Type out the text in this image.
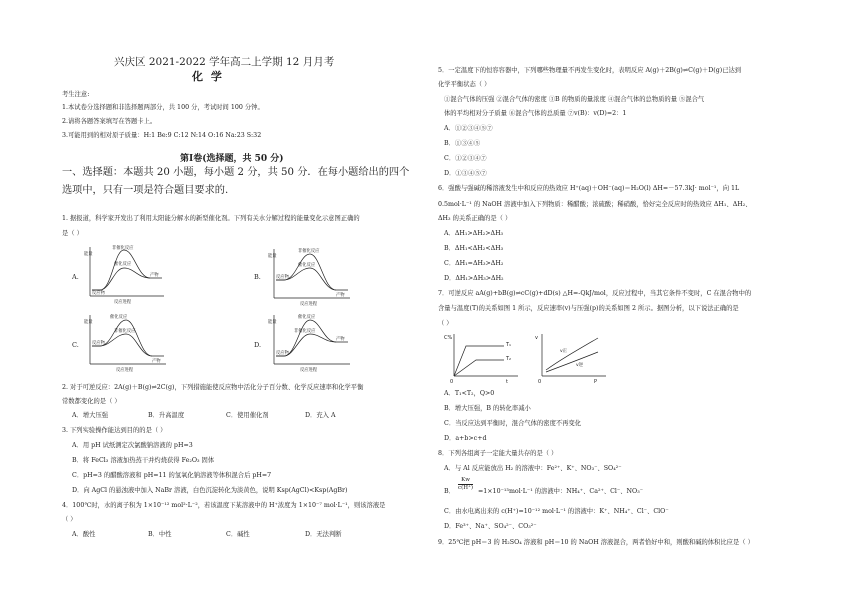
兴庆区 2021-2022 学年高二上学期 12 月月考
化 学
考生注意:
1.本试卷分选择题和非选择题两部分，共 100 分，考试时间 100 分钟。
2.请将各题答案填写在答题卡上。
3.可能用到的相对原子质量：H:1 Be:9 C:12 N:14 O:16 Na:23 S:32
第Ⅰ卷(选择题，共 50 分)
一、选择题：本题共 20 小题，每小题 2 分，共 50 分．在每小题给出的四个选项中，只有一项是符合题目要求的.
1. 据报道，科学家开发出了利用太阳能分解水的新型催化剂。下列有关水分解过程的能量变化示意图正确的
是（ ）
A.
能量
非催化反应
催化反应
反应物
产物
反应进程
B.
能量
非催化反应
催化反应
反应物
产物
反应进程
C.
能量
催化反应
非催化反应
反应物
产物
反应进程
D.
能量
催化反应
非催化反应
反应物
产物
反应进程
2. 对于可逆反应：2A(g)＋B(g)⇌2C(g)，下列措施能使反应物中活化分子百分数、化学反应速率和化学平衡
常数都变化的是（ ）
A．增大压强	B．升高温度	C．使用催化剂	D．充入 A
3. 下列实验操作能达到目的的是（ ）
A．用 pH 试纸测定次氯酸钠溶液的 pH=3
B．将 FeCl₃ 溶液加热蒸干并灼烧获得 Fe₂O₃ 固体
C．pH=3 的醋酸溶液和 pH=11 的氢氧化钠溶液等体积混合后 pH=7
D．向 AgCl 的悬浊液中加入 NaBr 溶液，白色沉淀转化为淡黄色，说明 Ksp(AgCl)<Ksp(AgBr)
4．100℃时，水的离子积为 1×10⁻¹² mol²·L⁻²，若该温度下某溶液中的 H⁺浓度为 1×10⁻⁷ mol·L⁻¹，则该溶液是
（ ）
A．酸性	B．中性	C．碱性	D．无法判断
5．一定温度下的恒容容器中，下列哪些物理量不再发生变化时，表明反应 A(g)＋2B(g)⇌C(g)＋D(g)已达到
化学平衡状态（ ）
①混合气体的压强 ②混合气体的密度 ③B 的物质的量浓度 ④混合气体的总物质的量 ⑤混合气
体的平均相对分子质量 ⑥混合气体的总质量 ⑦v(B)：v(D)=2：1
A．①②③④⑤⑦
B．①③④⑤
C．①②③④⑦
D．①③④⑤⑦
6．强酸与强碱的稀溶液发生中和反应的热效应 H⁺(aq)＋OH⁻(aq)＝H₂O(l) ΔH=－57.3kJ· mol⁻¹，向 1L
0.5mol·L⁻¹ 的 NaOH 溶液中加入下列物质：稀醋酸；浓硫酸；稀硝酸，恰好完全反应时的热效应 ΔH₁、ΔH₂、
ΔH₃ 的关系正确的是（ ）
A．ΔH₁>ΔH₂>ΔH₃
B．ΔH₁<ΔH₂<ΔH₃
C．ΔH₁=ΔH₃>ΔH₂
D．ΔH₁>ΔH₃>ΔH₂
7．可逆反应 aA(g)+bB(g)⇌cC(g)+dD(s) △H=-QkJ/mol，反应过程中，当其它条件不变时，C 在混合物中的
含量与温度(T)的关系如图 1 所示，反应速率(v)与压强(p)的关系如图 2 所示。据图分析，以下说法正确的是
（ ）
C%
T₁
T₂
0	t
v
v正
v逆
0	P
A．T₁<T₂，Q>0
B．增大压强，B 的转化率减小
C．当反应达到平衡时，混合气体的密度不再变化
D．a+b>c+d
8．下列各组离子一定能大量共存的是（ ）
A．与 Al 反应能放出 H₂ 的溶液中：Fe²⁺、K⁺、NO₃⁻、SO₄²⁻
B． $\frac{Kw}{c(H^+)} =1\times 10^{-13}mol\cdot L^{-1}$ 的溶液中：NH₄⁺、Ca²⁺、Cl⁻、NO₃⁻
C．由水电离出来的 c(H⁺)=10⁻¹² mol·L⁻¹ 的溶液中：K⁺、NH₄⁺、Cl⁻、ClO⁻
D．Fe³⁺、Na⁺、SO₄²⁻、CO₃²⁻
9．25℃把 pH＝3 的 H₂SO₄ 溶液和 pH＝10 的 NaOH 溶液混合，两者恰好中和，则酸和碱的体积比应是（ ）
